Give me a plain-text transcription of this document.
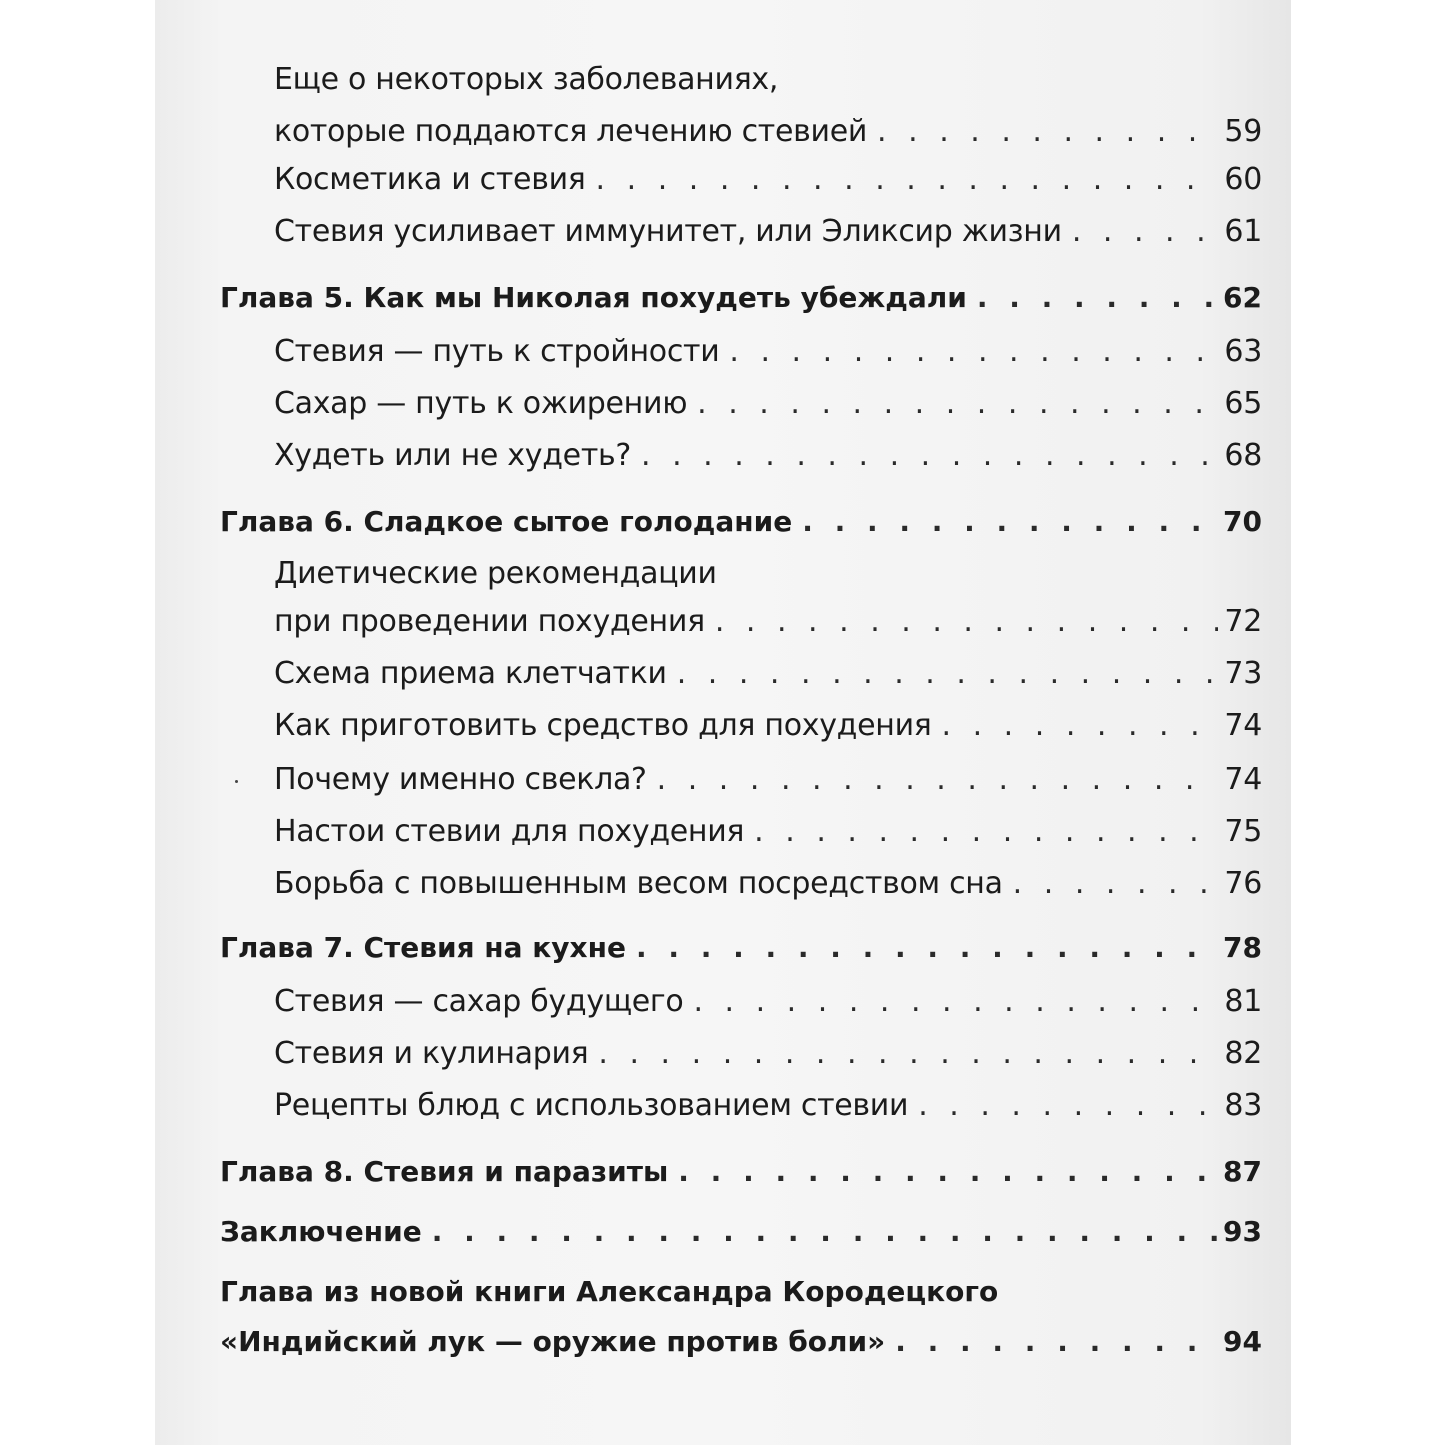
Еще о некоторых заболеваниях,
которые поддаются лечению стевией . . .	59
Косметика и стевия . . .	60
Стевия усиливает иммунитет, или Эликсир жизни . . .	61
Глава 5. Как мы Николая похудеть убеждали . . .	62
Стевия — путь к стройности . . .	63
Сахар — путь к ожирению . . .	65
Худеть или не худеть? . . .	68
Глава 6. Сладкое сытое голодание . . .	70
Диетические рекомендации
при проведении похудения . . .	72
Схема приема клетчатки . . .	73
Как приготовить средство для похудения . . .	74
Почему именно свекла? . . .	74
Настои стевии для похудения . . .	75
Борьба с повышенным весом посредством сна . . .	76
Глава 7. Стевия на кухне . . .	78
Стевия — сахар будущего . . .	81
Стевия и кулинария . . .	82
Рецепты блюд с использованием стевии . . .	83
Глава 8. Стевия и паразиты . . .	87
Заключение . . .	93
Глава из новой книги Александра Кородецкого
«Индийский лук — оружие против боли» . . .	94
